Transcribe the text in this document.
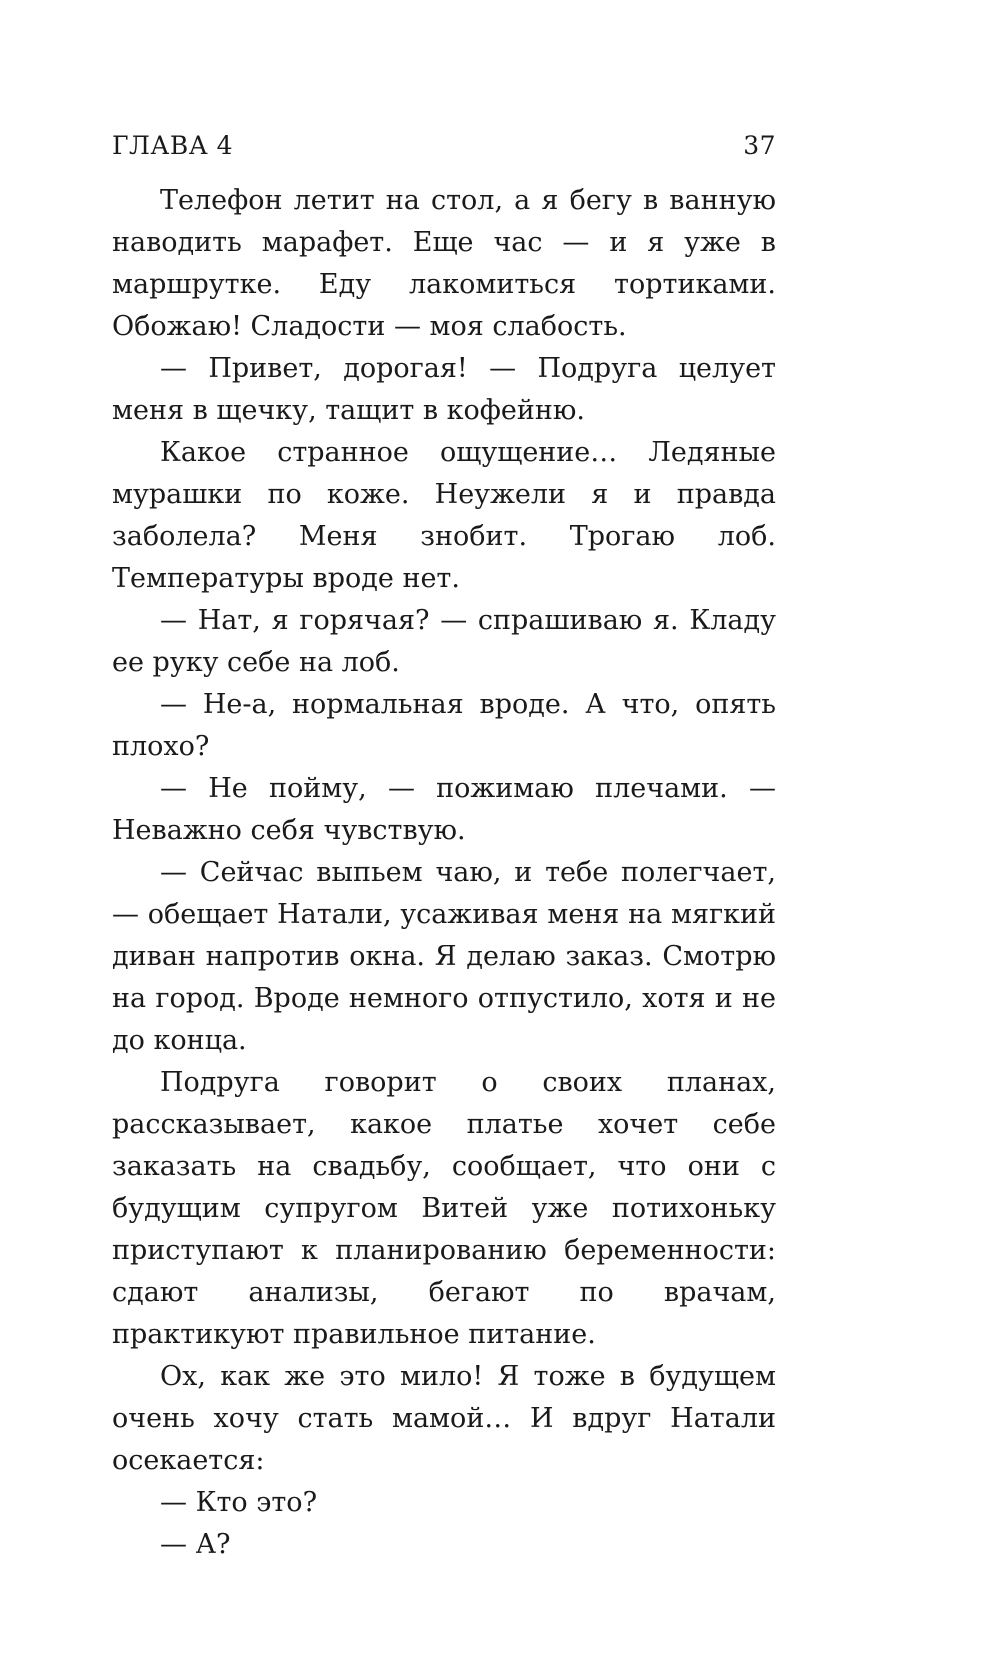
ГЛАВА 4	37

Телефон летит на стол, а я бегу в ванную наводить марафет. Еще час — и я уже в маршрутке. Еду лакомиться тортиками. Обожаю! Сладости — моя слабость.

— Привет, дорогая! — Подруга целует меня в щечку, тащит в кофейню.

Какое странное ощущение… Ледяные мурашки по коже. Неужели я и правда заболела? Меня знобит. Трогаю лоб. Температуры вроде нет.

— Нат, я горячая? — спрашиваю я. Кладу ее руку себе на лоб.

— Не-а, нормальная вроде. А что, опять плохо?

— Не пойму, — пожимаю плечами. — Неважно себя чувствую.

— Сейчас выпьем чаю, и тебе полегчает, — обещает Натали, усаживая меня на мягкий диван напротив окна. Я делаю заказ. Смотрю на город. Вроде немного отпустило, хотя и не до конца.

Подруга говорит о своих планах, рассказывает, какое платье хочет себе заказать на свадьбу, сообщает, что они с будущим супругом Витей уже потихоньку приступают к планированию беременности: сдают анализы, бегают по врачам, практикуют правильное питание.

Ох, как же это мило! Я тоже в будущем очень хочу стать мамой… И вдруг Натали осекается:

— Кто это?

— А?
